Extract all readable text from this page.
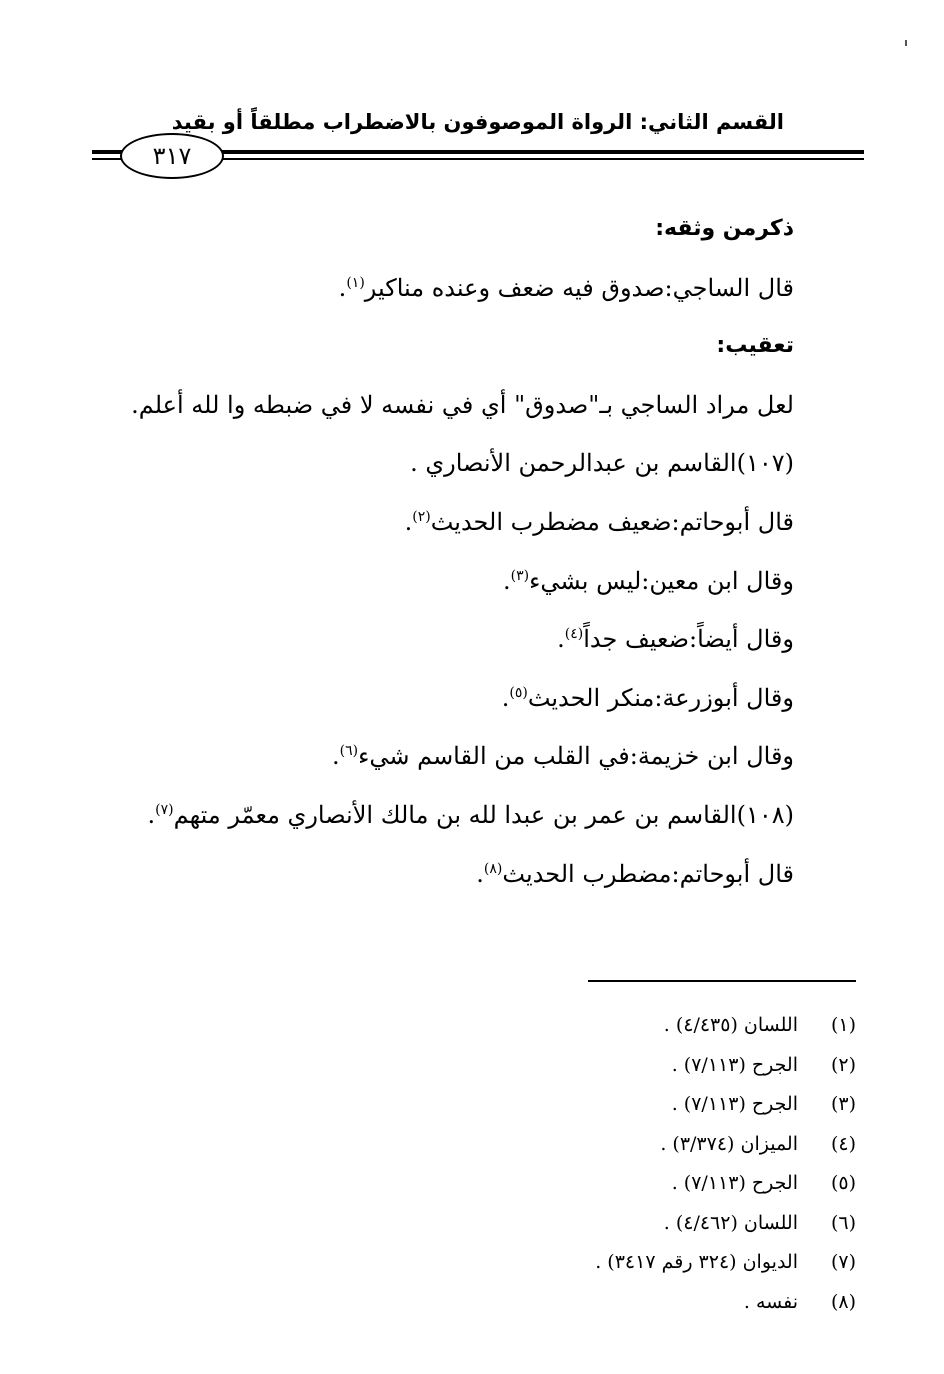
القسم الثاني: الرواة الموصوفون بالاضطراب مطلقاً أو بقيد
٣١٧
ذكرمن وثقه:
قال الساجي:صدوق فيه ضعف وعنده مناكير$^{(١)}$.
تعقيب:
لعل مراد الساجي بـ"صدوق" أي في نفسه لا في ضبطه وا لله أعلم.
(١٠٧)القاسم بن عبدالرحمن الأنصاري .
قال أبوحاتم:ضعيف مضطرب الحديث$^{(٢)}$.
وقال ابن معين:ليس بشيء$^{(٣)}$.
وقال أيضاً:ضعيف جداً$^{(٤)}$.
وقال أبوزرعة:منكر الحديث$^{(٥)}$.
وقال ابن خزيمة:في القلب من القاسم شيء$^{(٦)}$.
(١٠٨)القاسم بن عمر بن عبدا لله بن مالك الأنصاري معمّر متهم$^{(٧)}$.
قال أبوحاتم:مضطرب الحديث$^{(٨)}$.
(١)اللسان (٤/٤٣٥) .
(٢)الجرح (٧/١١٣) .
(٣)الجرح (٧/١١٣) .
(٤)الميزان (٣/٣٧٤) .
(٥)الجرح (٧/١١٣) .
(٦)اللسان (٤/٤٦٢) .
(٧)الديوان (٣٢٤ رقم ٣٤١٧) .
(٨)نفسه .
